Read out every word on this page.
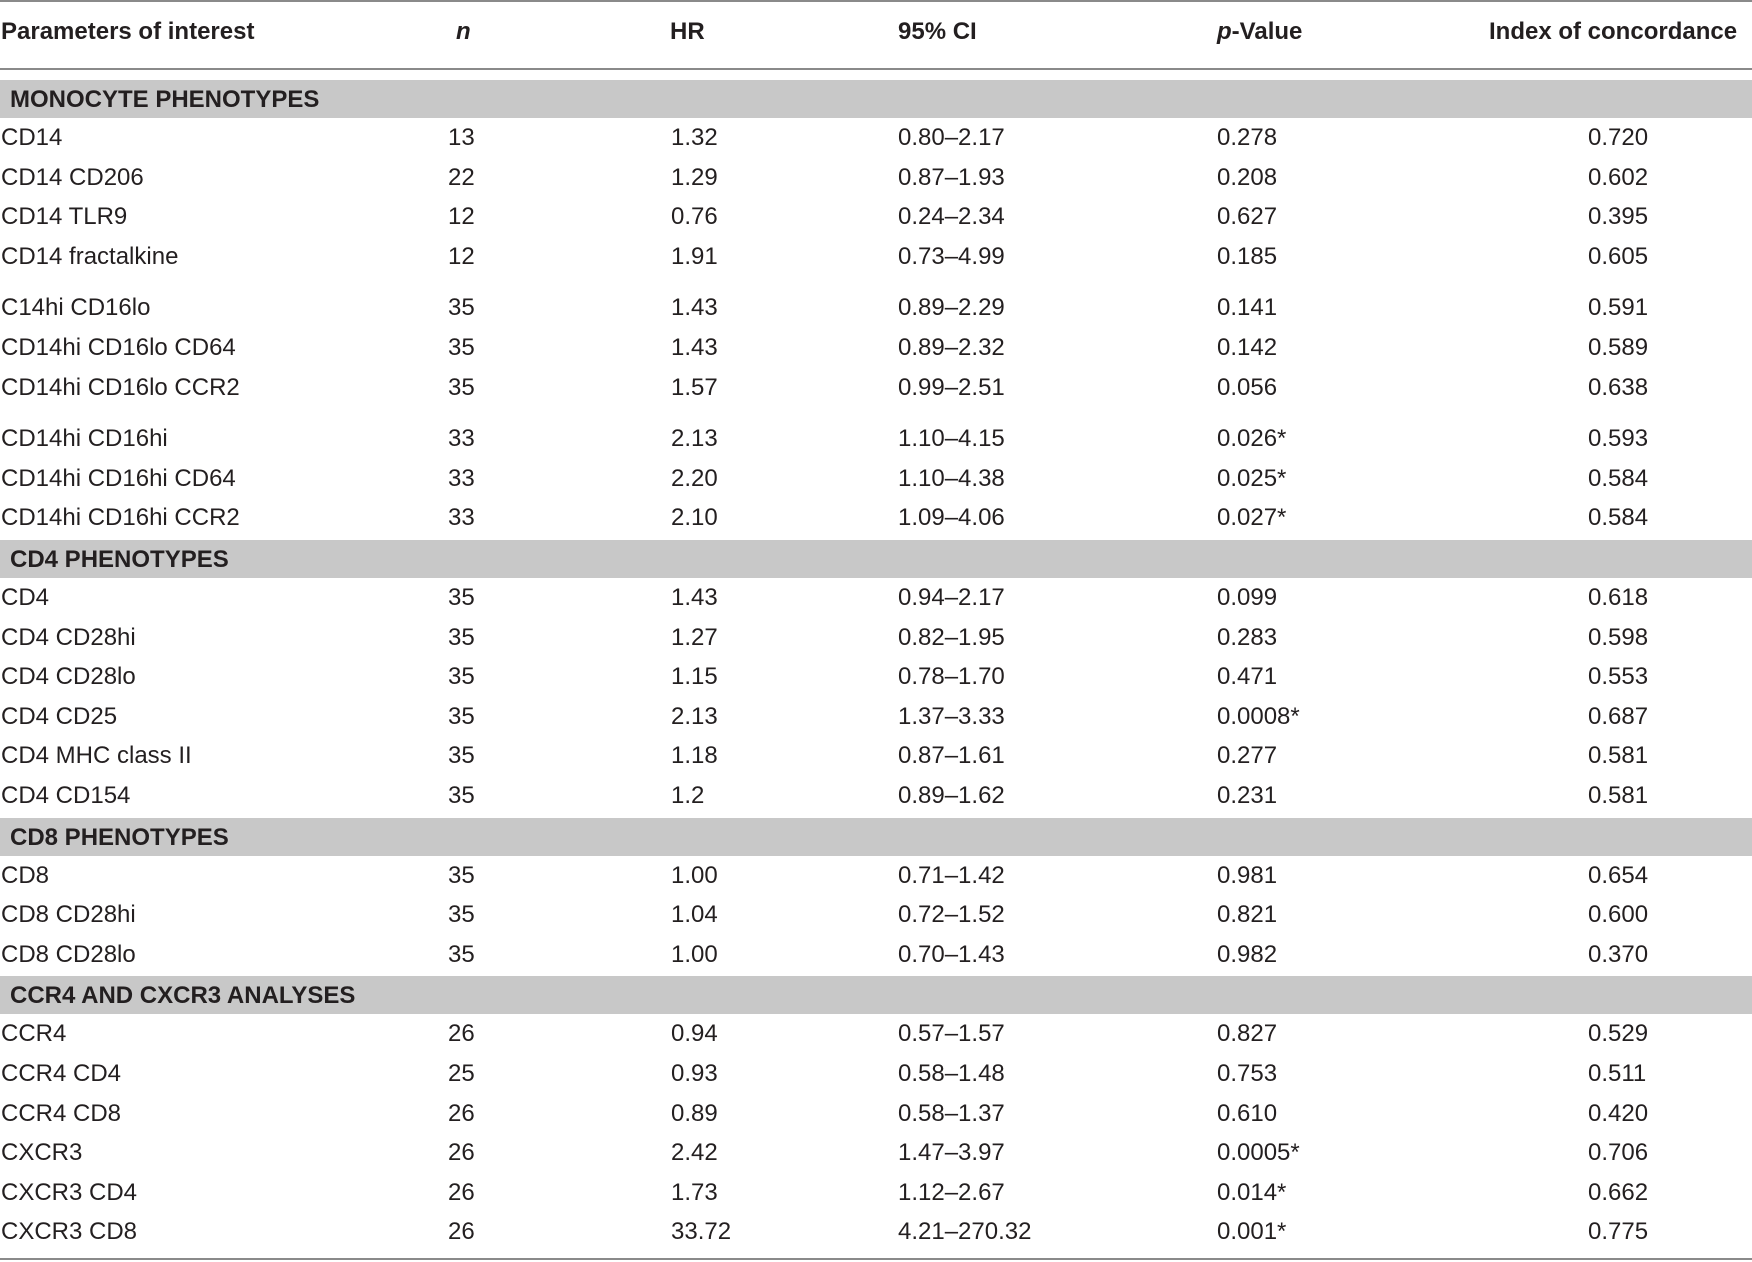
Parameters of interest	n	HR	95% CI	p-Value	Index of concordance
MONOCYTE PHENOTYPES
CD14	13	1.32	0.80–2.17	0.278	0.720
CD14 CD206	22	1.29	0.87–1.93	0.208	0.602
CD14 TLR9	12	0.76	0.24–2.34	0.627	0.395
CD14 fractalkine	12	1.91	0.73–4.99	0.185	0.605
C14hi CD16lo	35	1.43	0.89–2.29	0.141	0.591
CD14hi CD16lo CD64	35	1.43	0.89–2.32	0.142	0.589
CD14hi CD16lo CCR2	35	1.57	0.99–2.51	0.056	0.638
CD14hi CD16hi	33	2.13	1.10–4.15	0.026*	0.593
CD14hi CD16hi CD64	33	2.20	1.10–4.38	0.025*	0.584
CD14hi CD16hi CCR2	33	2.10	1.09–4.06	0.027*	0.584
CD4 PHENOTYPES
CD4	35	1.43	0.94–2.17	0.099	0.618
CD4 CD28hi	35	1.27	0.82–1.95	0.283	0.598
CD4 CD28lo	35	1.15	0.78–1.70	0.471	0.553
CD4 CD25	35	2.13	1.37–3.33	0.0008*	0.687
CD4 MHC class II	35	1.18	0.87–1.61	0.277	0.581
CD4 CD154	35	1.2	0.89–1.62	0.231	0.581
CD8 PHENOTYPES
CD8	35	1.00	0.71–1.42	0.981	0.654
CD8 CD28hi	35	1.04	0.72–1.52	0.821	0.600
CD8 CD28lo	35	1.00	0.70–1.43	0.982	0.370
CCR4 AND CXCR3 ANALYSES
CCR4	26	0.94	0.57–1.57	0.827	0.529
CCR4 CD4	25	0.93	0.58–1.48	0.753	0.511
CCR4 CD8	26	0.89	0.58–1.37	0.610	0.420
CXCR3	26	2.42	1.47–3.97	0.0005*	0.706
CXCR3 CD4	26	1.73	1.12–2.67	0.014*	0.662
CXCR3 CD8	26	33.72	4.21–270.32	0.001*	0.775
